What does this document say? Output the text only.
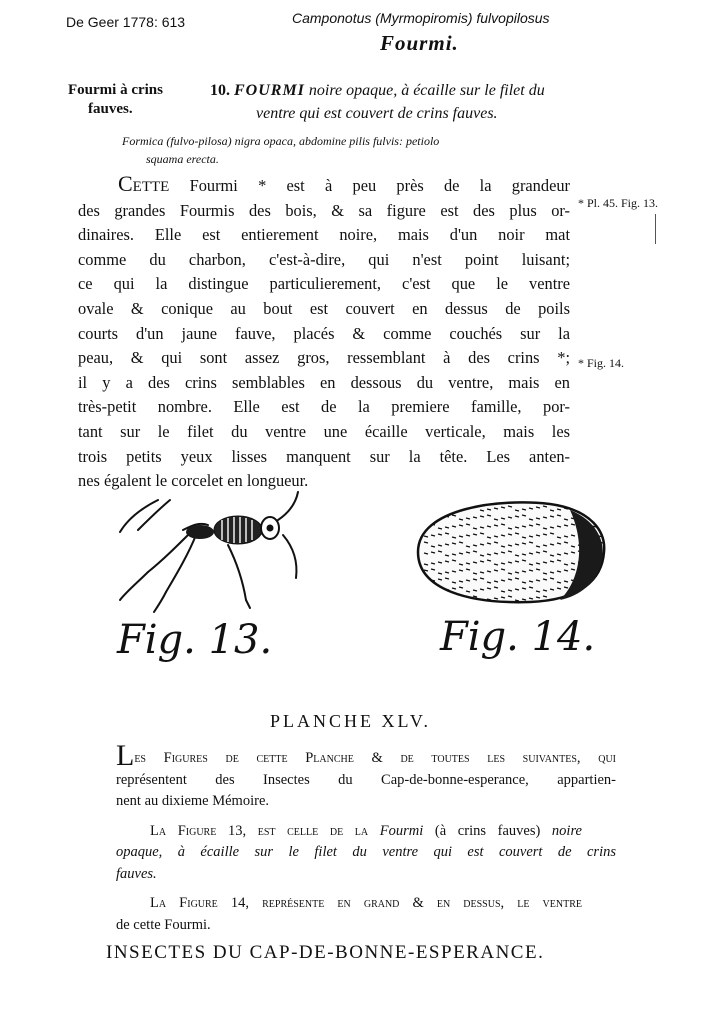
De Geer 1778: 613	Camponotus (Myrmopiromis) fulvopilosus
Fourmi.
Fourmi à crins
fauves.
10. FOURMI noire opaque, à écaille sur le filet du
ventre qui est couvert de crins fauves.
Formica (fulvo-pilosa) nigra opaca, abdomine pilis fulvis: petiolo
squama erecta.
Cette Fourmi * est à peu près de la grandeur
des grandes Fourmis des bois, & sa figure est des plus or-
dinaires. Elle est entierement noire, mais d'un noir mat
comme du charbon, c'est-à-dire, qui n'est point luisant;
ce qui la distingue particulierement, c'est que le ventre
ovale & conique au bout est couvert en dessus de poils
courts d'un jaune fauve, placés & comme couchés sur la
peau, & qui sont assez gros, ressemblant à des crins *;
il y a des crins semblables en dessous du ventre, mais en
très-petit nombre. Elle est de la premiere famille, por-
tant sur le filet du ventre une écaille verticale, mais les
trois petits yeux lisses manquent sur la tête. Les anten-
nes égalent le corcelet en longueur.
* Pl. 45. Fig. 13.
* Fig. 14.
Fig. 13.	Fig. 14.
PLANCHE XLV.
Les Figures de cette Planche & de toutes les suivantes, qui
représentent des Insectes du Cap-de-bonne-esperance, appartien-
nent au dixieme Mémoire.
La Figure 13, est celle de la Fourmi (à crins fauves) noire
opaque, à écaille sur le filet du ventre qui est couvert de crins
fauves.
La Figure 14, représente en grand & en dessus, le ventre
de cette Fourmi.
INSECTES DU CAP-DE-BONNE-ESPERANCE.
